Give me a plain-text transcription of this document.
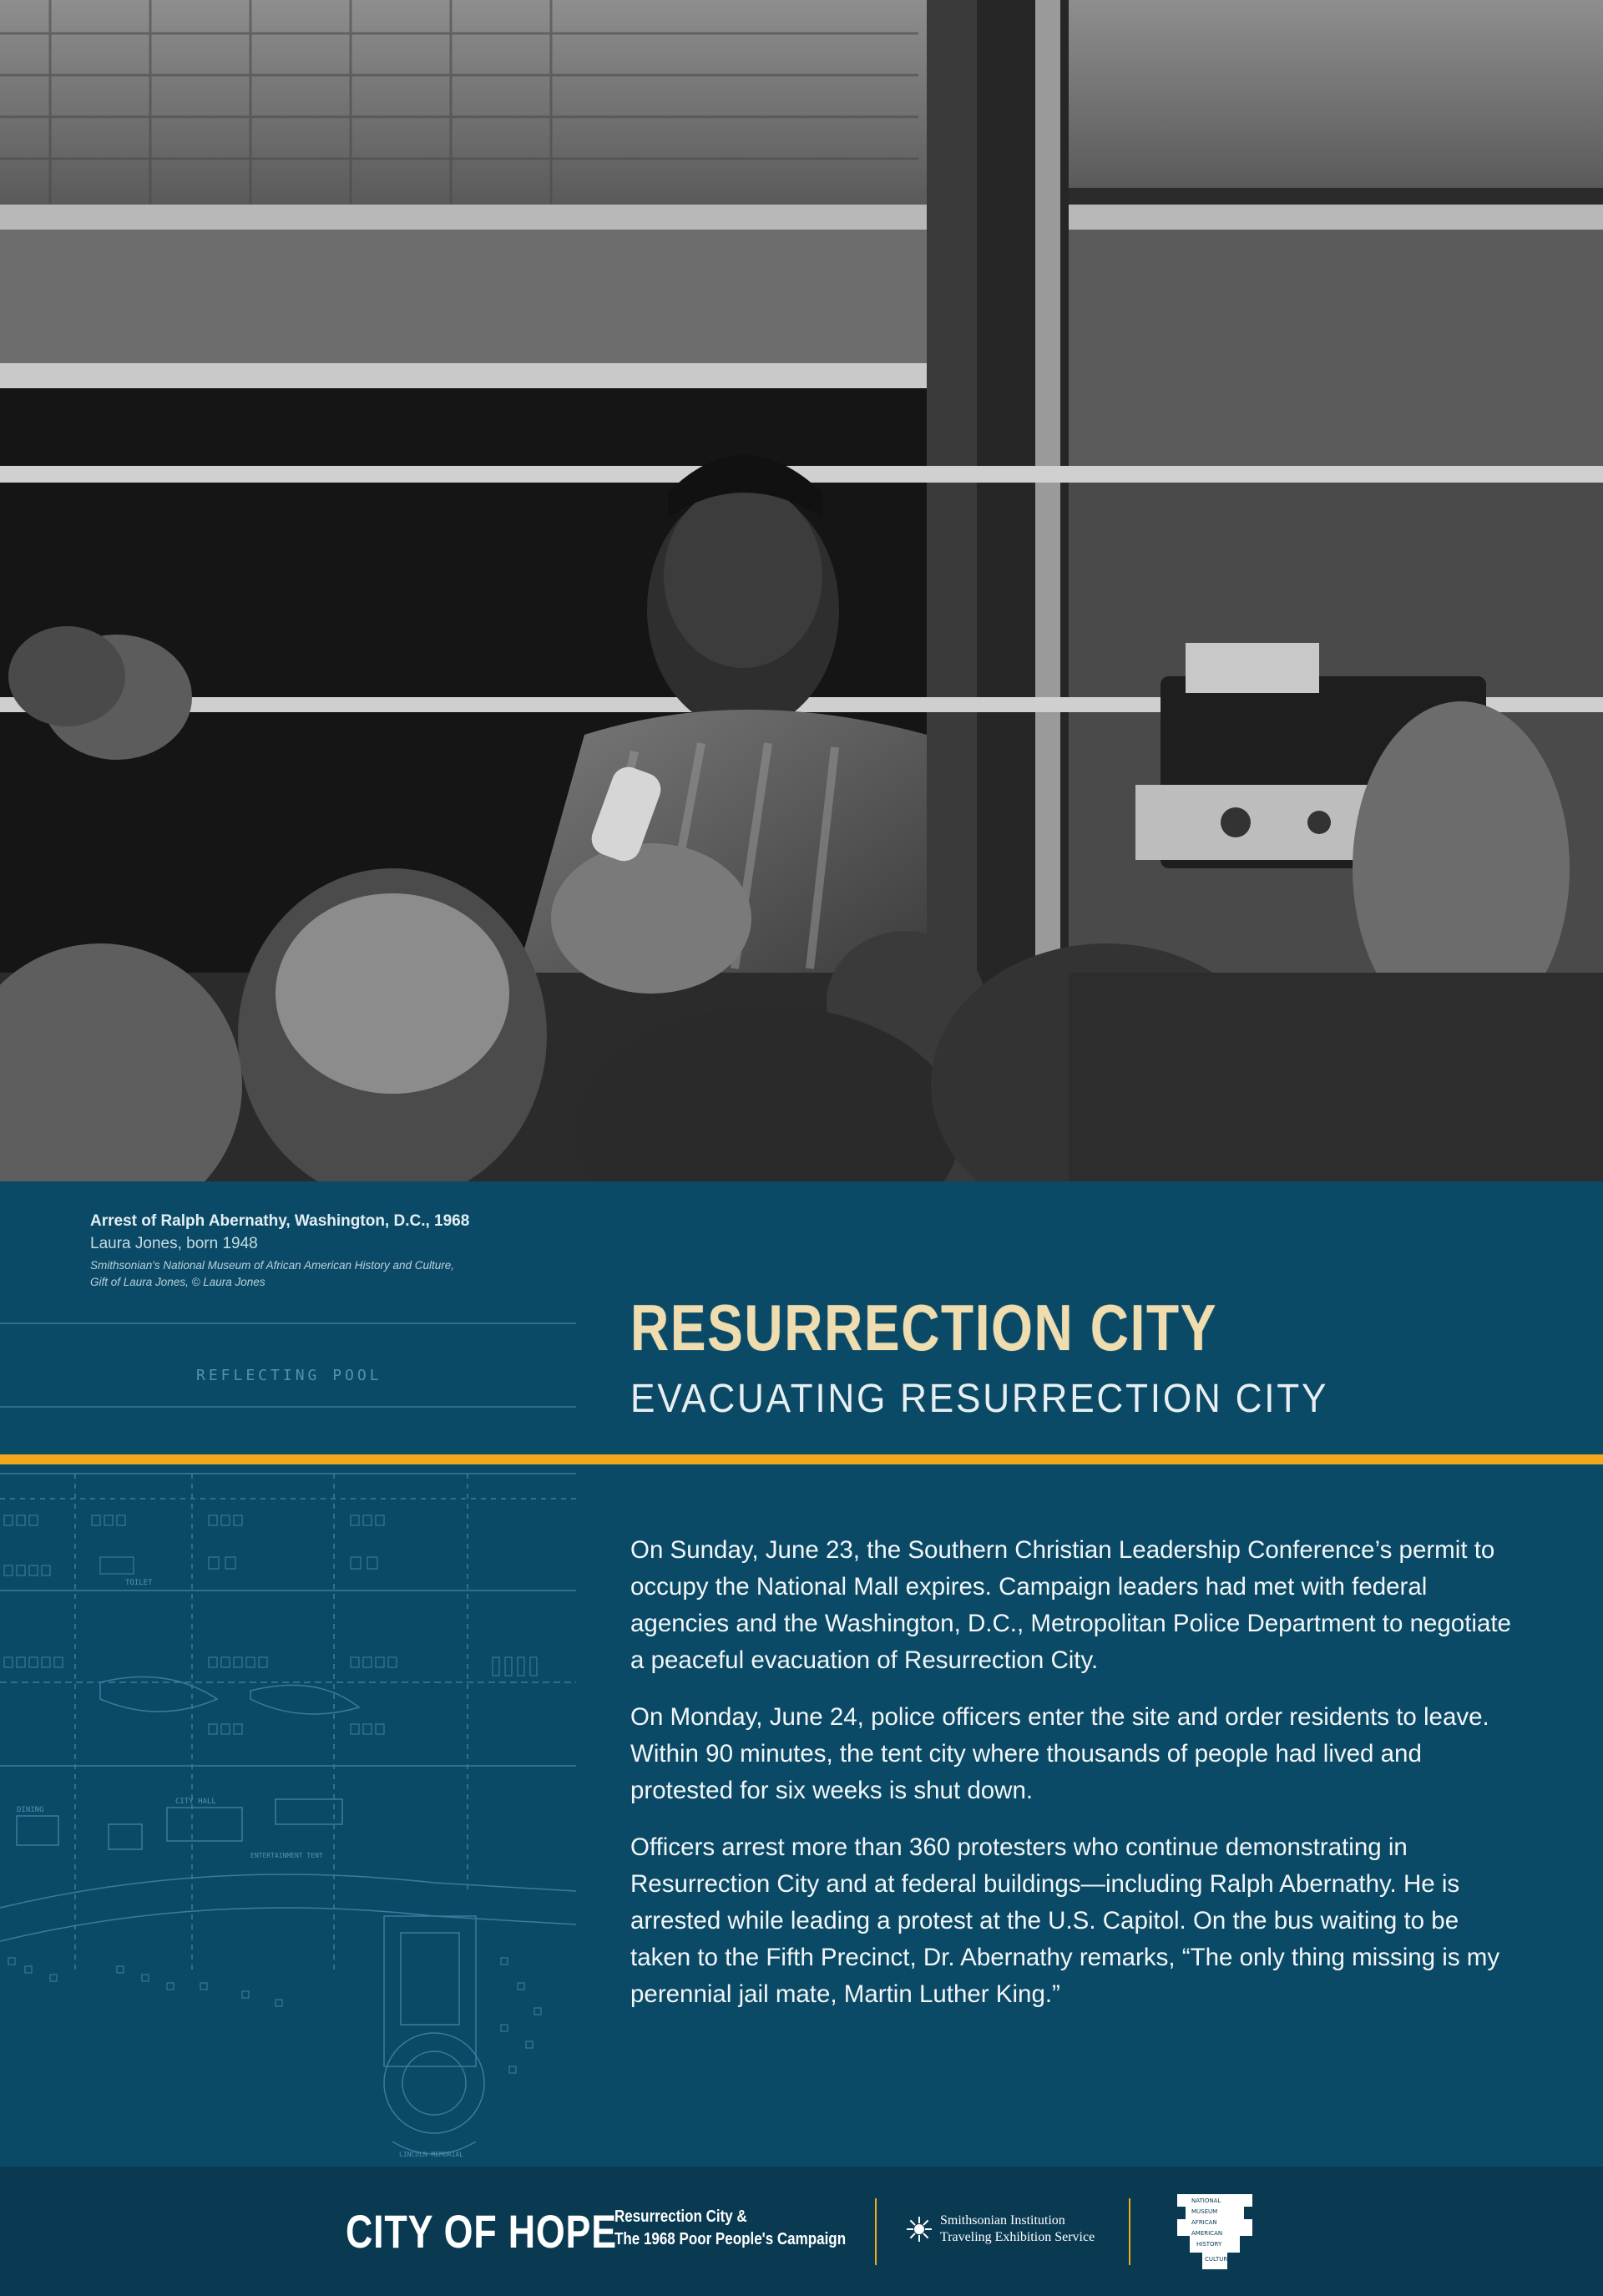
Arrest of Ralph Abernathy, Washington, D.C., 1968
Laura Jones, born 1948
Smithsonian's National Museum of African American History and Culture,
Gift of Laura Jones, © Laura Jones
REFLECTING POOL
TOILET
CITY HALL
DINING
ENTERTAINMENT TENT
LINCOLN MEMORIAL
RESURRECTION CITY
EVACUATING RESURRECTION CITY

On Sunday, June 23, the Southern Christian Leadership Conference’s permit to occupy the National Mall expires. Campaign leaders had met with federal agencies and the Washington, D.C., Metropolitan Police Department to negotiate a peaceful evacuation of Resurrection City.

On Monday, June 24, police officers enter the site and order residents to leave. Within 90 minutes, the tent city where thousands of people had lived and protested for six weeks is shut down.

Officers arrest more than 360 protesters who continue demonstrating in Resurrection City and at federal buildings—including Ralph Abernathy. He is arrested while leading a protest at the U.S. Capitol. On the bus waiting to be taken to the Fifth Precinct, Dr. Abernathy remarks, “The only thing missing is my perennial jail mate, Martin Luther King.”

CITY OF HOPE
Resurrection City &
The 1968 Poor People's Campaign
Smithsonian Institution
Traveling Exhibition Service
NATIONAL
MUSEUM
AFRICAN
AMERICAN
HISTORY
CULTURE
